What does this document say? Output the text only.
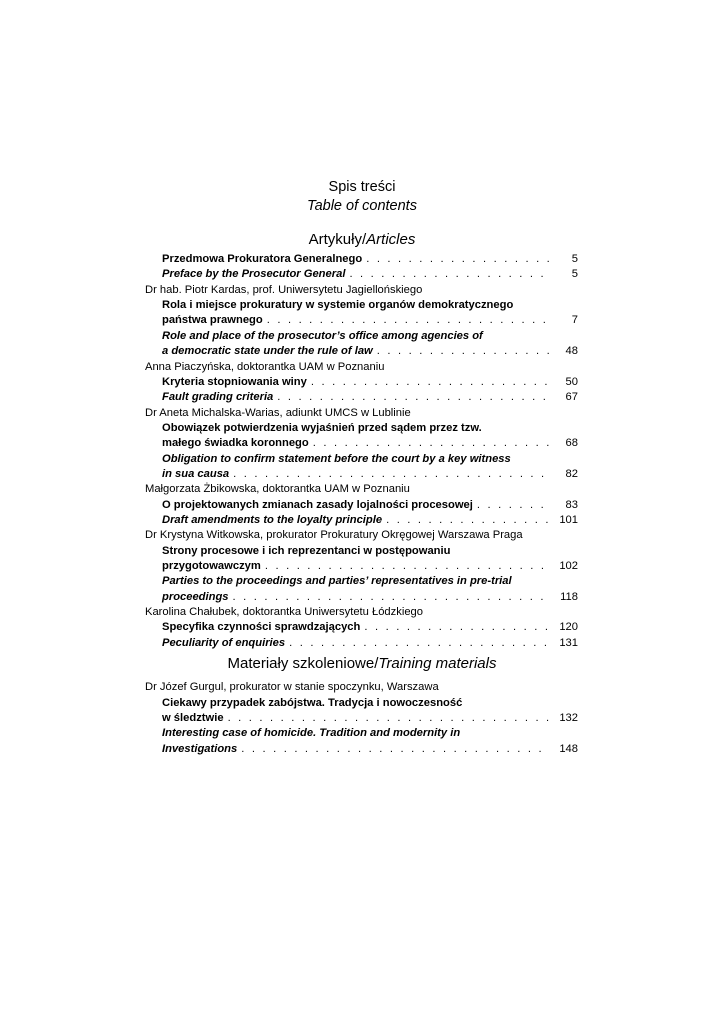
Spis treści
Table of contents
Artykuły/Articles
Przedmowa Prokuratora Generalnego . . .	5
Preface by the Prosecutor General . . .	5
Dr hab. Piotr Kardas, prof. Uniwersytetu Jagiellońskiego
Rola i miejsce prokuratury w systemie organów demokratycznego
państwa prawnego . . .	7
Role and place of the prosecutor’s office among agencies of
a democratic state under the rule of law . . .	48
Anna Piaczyńska, doktorantka UAM w Poznaniu
Kryteria stopniowania winy . . .	50
Fault grading criteria . . .	67
Dr Aneta Michalska-Warias, adiunkt UMCS w Lublinie
Obowiązek potwierdzenia wyjaśnień przed sądem przez tzw.
małego świadka koronnego . . .	68
Obligation to confirm statement before the court by a key witness
in sua causa . . .	82
Małgorzata Żbikowska, doktorantka UAM w Poznaniu
O projektowanych zmianach zasady lojalności procesowej . . .	83
Draft amendments to the loyalty principle . . .	101
Dr Krystyna Witkowska, prokurator Prokuratury Okręgowej Warszawa Praga
Strony procesowe i ich reprezentanci w postępowaniu
przygotowawczym . . .	102
Parties to the proceedings and parties’ representatives in pre-trial
proceedings . . .	118
Karolina Chałubek, doktorantka Uniwersytetu Łódzkiego
Specyfika czynności sprawdzających . . .	120
Peculiarity of enquiries . . .	131
Materiały szkoleniowe/Training materials
Dr Józef Gurgul, prokurator w stanie spoczynku, Warszawa
Ciekawy przypadek zabójstwa. Tradycja i nowoczesność
w śledztwie . . .	132
Interesting case of homicide. Tradition and modernity in
Investigations . . .	148
